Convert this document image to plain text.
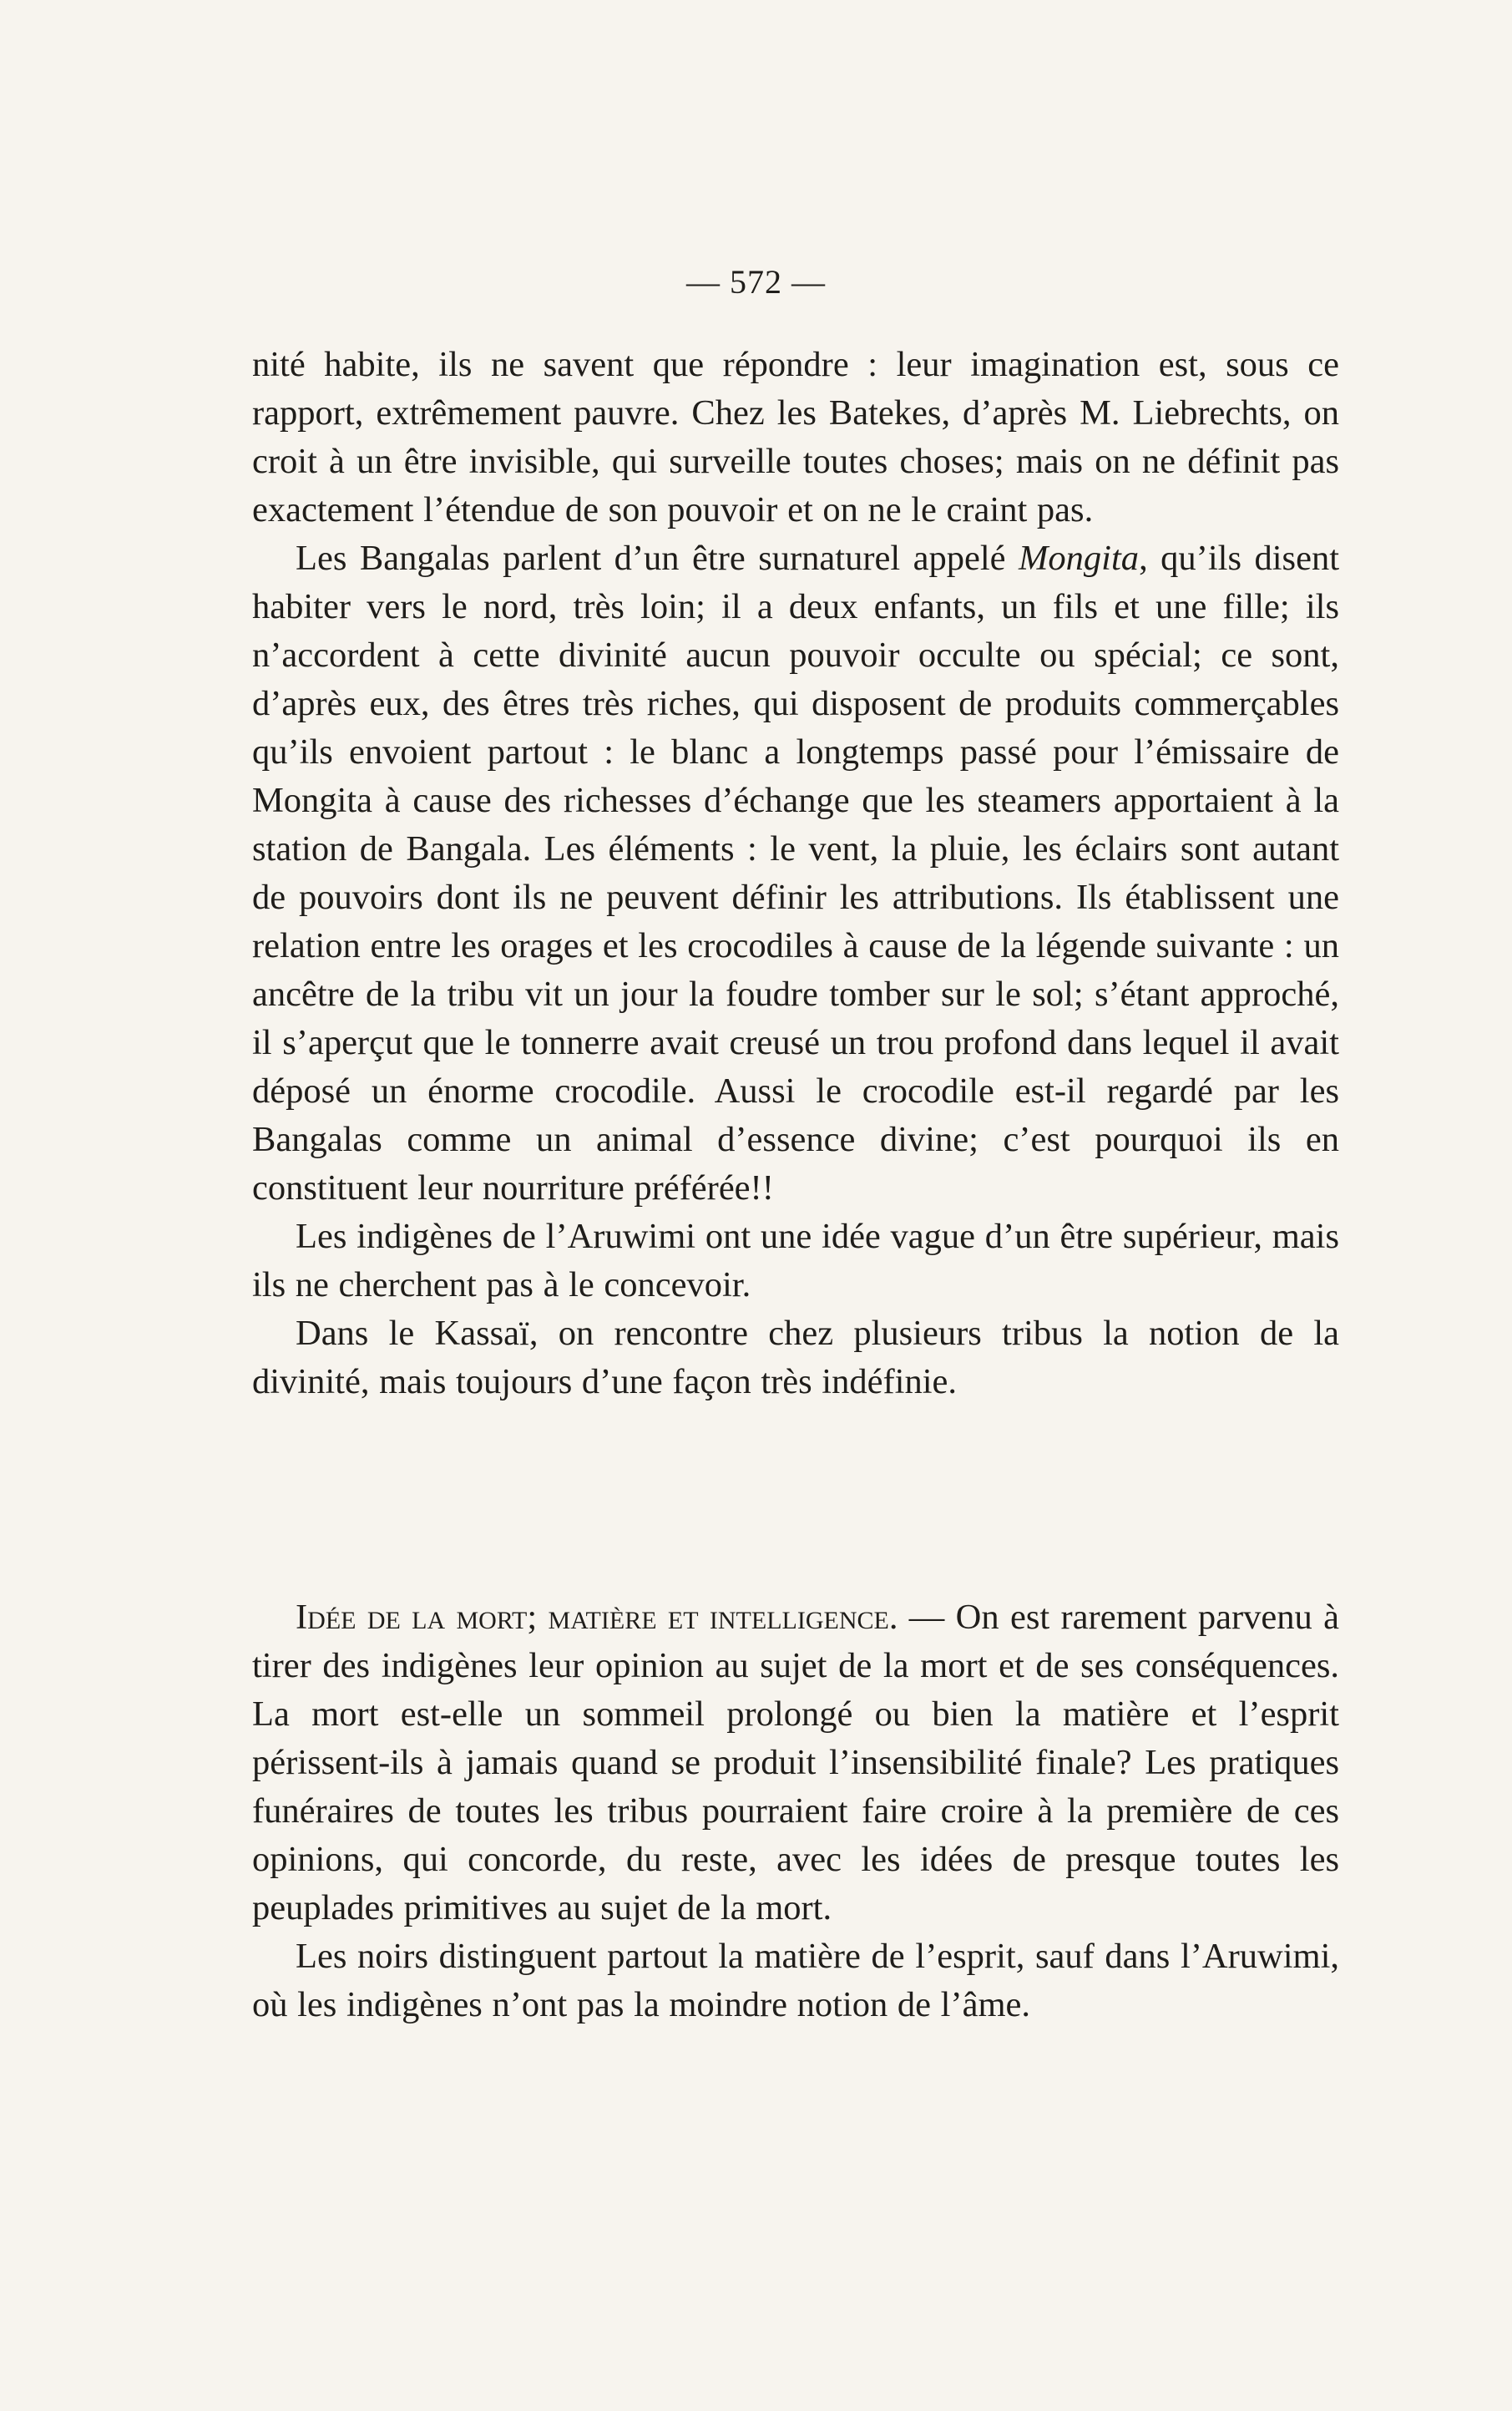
— 572 —

nité habite, ils ne savent que répondre : leur imagination est, sous ce rapport, extrêmement pauvre. Chez les Batekes, d’après M. Liebrechts, on croit à un être invisible, qui surveille toutes choses; mais on ne définit pas exactement l’étendue de son pouvoir et on ne le craint pas.

Les Bangalas parlent d’un être surnaturel appelé Mongita, qu’ils disent habiter vers le nord, très loin; il a deux enfants, un fils et une fille; ils n’accordent à cette divinité aucun pouvoir occulte ou spécial; ce sont, d’après eux, des êtres très riches, qui disposent de produits commerçables qu’ils envoient partout : le blanc a longtemps passé pour l’émissaire de Mongita à cause des richesses d’échange que les steamers apportaient à la station de Bangala. Les éléments : le vent, la pluie, les éclairs sont autant de pouvoirs dont ils ne peuvent définir les attributions. Ils établissent une relation entre les orages et les crocodiles à cause de la légende suivante : un ancêtre de la tribu vit un jour la foudre tomber sur le sol; s’étant approché, il s’aperçut que le tonnerre avait creusé un trou profond dans lequel il avait déposé un énorme crocodile. Aussi le crocodile est-il regardé par les Bangalas comme un animal d’essence divine; c’est pourquoi ils en constituent leur nourriture préférée!!

Les indigènes de l’Aruwimi ont une idée vague d’un être supérieur, mais ils ne cherchent pas à le concevoir.

Dans le Kassaï, on rencontre chez plusieurs tribus la notion de la divinité, mais toujours d’une façon très indéfinie.

Idée de la mort; matière et intelligence. — On est rarement parvenu à tirer des indigènes leur opinion au sujet de la mort et de ses conséquences. La mort est-elle un sommeil prolongé ou bien la matière et l’esprit périssent-ils à jamais quand se produit l’insensibilité finale? Les pratiques funéraires de toutes les tribus pourraient faire croire à la première de ces opinions, qui concorde, du reste, avec les idées de presque toutes les peuplades primitives au sujet de la mort.

Les noirs distinguent partout la matière de l’esprit, sauf dans l’Aruwimi, où les indigènes n’ont pas la moindre notion de l’âme.
